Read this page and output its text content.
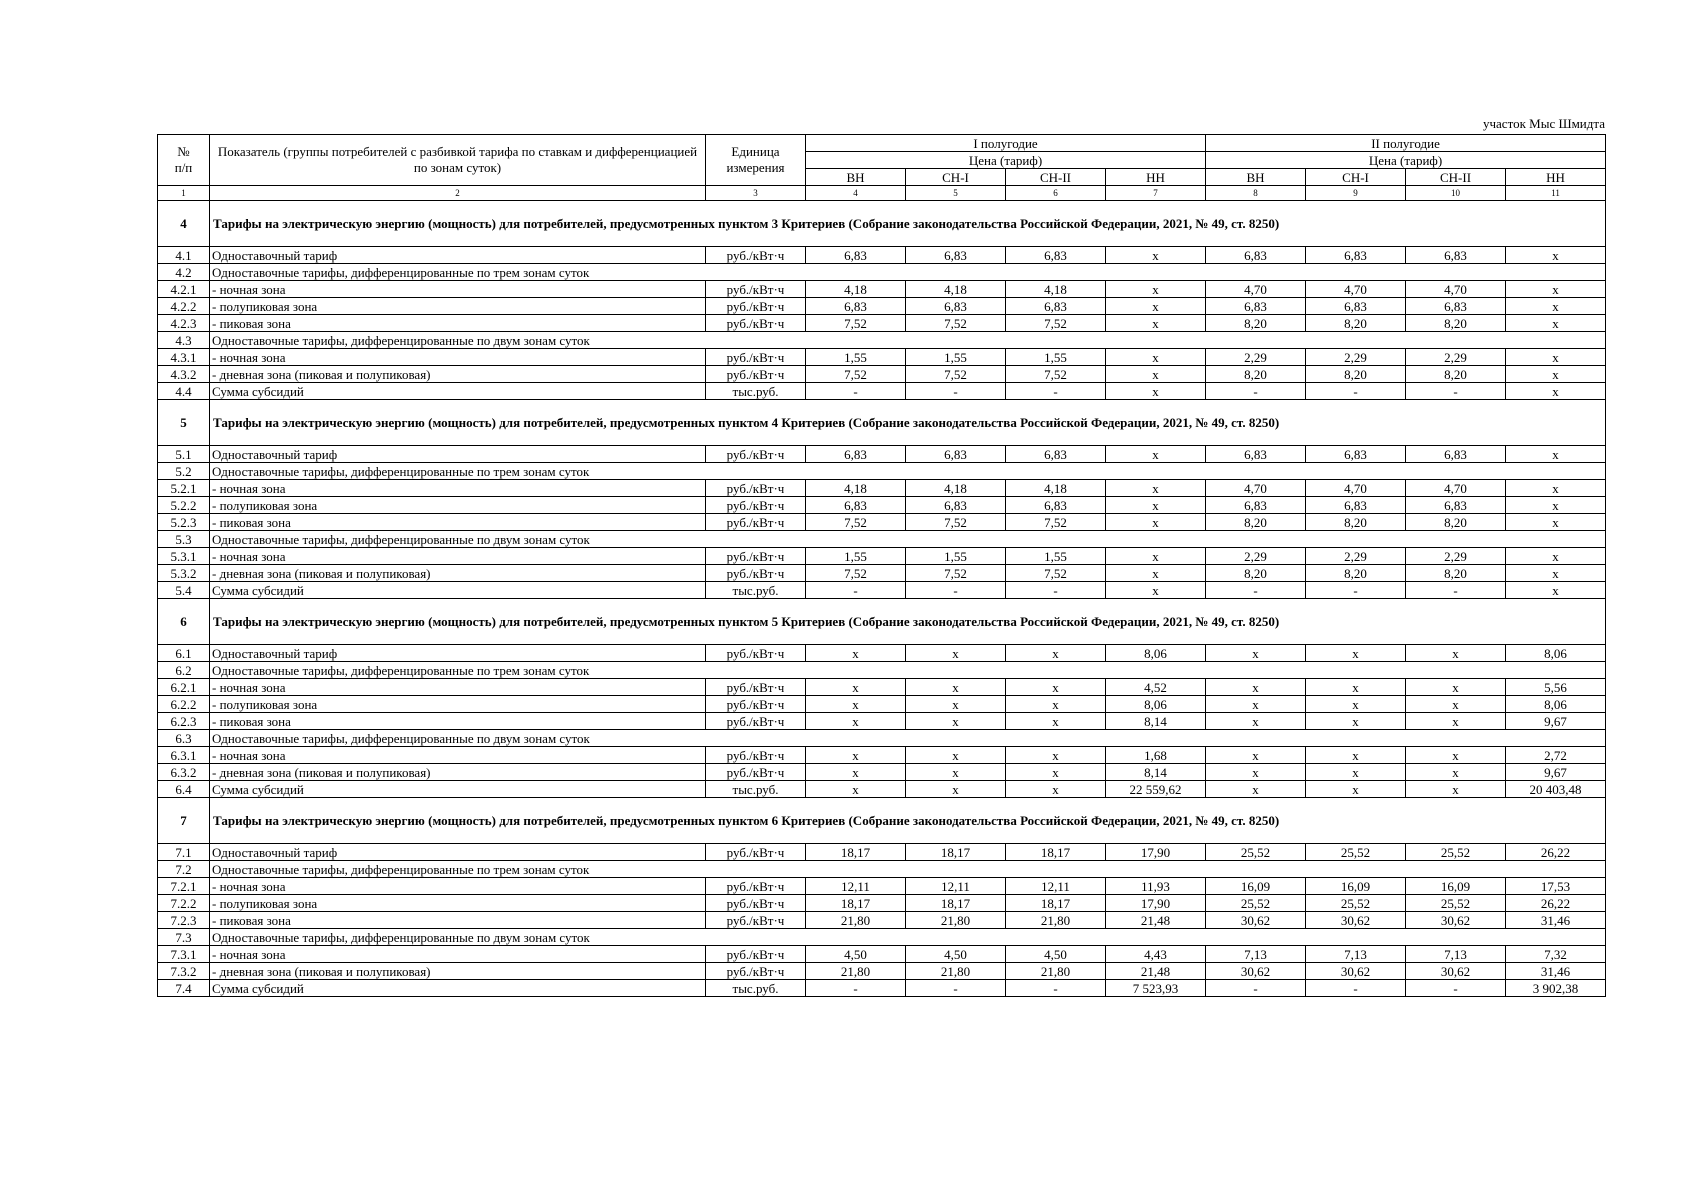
участок Мыс Шмидта
№
п/п	Показатель (группы потребителей с разбивкой тарифа по ставкам и дифференциацией по зонам суток)	Единица измерения	I полугодие				II полугодие			
			Цена (тариф)				Цена (тариф)			
			ВН	СН-I	СН-II	НН	ВН	СН-I	СН-II	НН
1	2	3	4	5	6	7	8	9	10	11
4	Тарифы на электрическую энергию (мощность) для потребителей, предусмотренных пунктом 3 Критериев (Собрание законодательства Российской Федерации, 2021, № 49, ст. 8250)									
4.1	Одноставочный тариф	руб./кВт·ч	6,83	6,83	6,83	х	6,83	6,83	6,83	х
4.2	Одноставочные тарифы, дифференцированные по трем зонам суток									
4.2.1	- ночная зона	руб./кВт·ч	4,18	4,18	4,18	х	4,70	4,70	4,70	х
4.2.2	- полупиковая зона	руб./кВт·ч	6,83	6,83	6,83	х	6,83	6,83	6,83	х
4.2.3	- пиковая зона	руб./кВт·ч	7,52	7,52	7,52	х	8,20	8,20	8,20	х
4.3	Одноставочные тарифы, дифференцированные по двум зонам суток									
4.3.1	- ночная зона	руб./кВт·ч	1,55	1,55	1,55	х	2,29	2,29	2,29	х
4.3.2	- дневная зона (пиковая и полупиковая)	руб./кВт·ч	7,52	7,52	7,52	х	8,20	8,20	8,20	х
4.4	Сумма субсидий	тыс.руб.	-	-	-	х	-	-	-	х
5	Тарифы на электрическую энергию (мощность) для потребителей, предусмотренных пунктом 4 Критериев (Собрание законодательства Российской Федерации, 2021, № 49, ст. 8250)									
5.1	Одноставочный тариф	руб./кВт·ч	6,83	6,83	6,83	х	6,83	6,83	6,83	х
5.2	Одноставочные тарифы, дифференцированные по трем зонам суток									
5.2.1	- ночная зона	руб./кВт·ч	4,18	4,18	4,18	х	4,70	4,70	4,70	х
5.2.2	- полупиковая зона	руб./кВт·ч	6,83	6,83	6,83	х	6,83	6,83	6,83	х
5.2.3	- пиковая зона	руб./кВт·ч	7,52	7,52	7,52	х	8,20	8,20	8,20	х
5.3	Одноставочные тарифы, дифференцированные по двум зонам суток									
5.3.1	- ночная зона	руб./кВт·ч	1,55	1,55	1,55	х	2,29	2,29	2,29	х
5.3.2	- дневная зона (пиковая и полупиковая)	руб./кВт·ч	7,52	7,52	7,52	х	8,20	8,20	8,20	х
5.4	Сумма субсидий	тыс.руб.	-	-	-	х	-	-	-	х
6	Тарифы на электрическую энергию (мощность) для потребителей, предусмотренных пунктом 5 Критериев (Собрание законодательства Российской Федерации, 2021, № 49, ст. 8250)									
6.1	Одноставочный тариф	руб./кВт·ч	х	х	х	8,06	х	х	х	8,06
6.2	Одноставочные тарифы, дифференцированные по трем зонам суток									
6.2.1	- ночная зона	руб./кВт·ч	х	х	х	4,52	х	х	х	5,56
6.2.2	- полупиковая зона	руб./кВт·ч	х	х	х	8,06	х	х	х	8,06
6.2.3	- пиковая зона	руб./кВт·ч	х	х	х	8,14	х	х	х	9,67
6.3	Одноставочные тарифы, дифференцированные по двум зонам суток									
6.3.1	- ночная зона	руб./кВт·ч	х	х	х	1,68	х	х	х	2,72
6.3.2	- дневная зона (пиковая и полупиковая)	руб./кВт·ч	х	х	х	8,14	х	х	х	9,67
6.4	Сумма субсидий	тыс.руб.	х	х	х	22 559,62	х	х	х	20 403,48
7	Тарифы на электрическую энергию (мощность) для потребителей, предусмотренных пунктом 6 Критериев (Собрание законодательства Российской Федерации, 2021, № 49, ст. 8250)									
7.1	Одноставочный тариф	руб./кВт·ч	18,17	18,17	18,17	17,90	25,52	25,52	25,52	26,22
7.2	Одноставочные тарифы, дифференцированные по трем зонам суток									
7.2.1	- ночная зона	руб./кВт·ч	12,11	12,11	12,11	11,93	16,09	16,09	16,09	17,53
7.2.2	- полупиковая зона	руб./кВт·ч	18,17	18,17	18,17	17,90	25,52	25,52	25,52	26,22
7.2.3	- пиковая зона	руб./кВт·ч	21,80	21,80	21,80	21,48	30,62	30,62	30,62	31,46
7.3	Одноставочные тарифы, дифференцированные по двум зонам суток									
7.3.1	- ночная зона	руб./кВт·ч	4,50	4,50	4,50	4,43	7,13	7,13	7,13	7,32
7.3.2	- дневная зона (пиковая и полупиковая)	руб./кВт·ч	21,80	21,80	21,80	21,48	30,62	30,62	30,62	31,46
7.4	Сумма субсидий	тыс.руб.	-	-	-	7 523,93	-	-	-	3 902,38
